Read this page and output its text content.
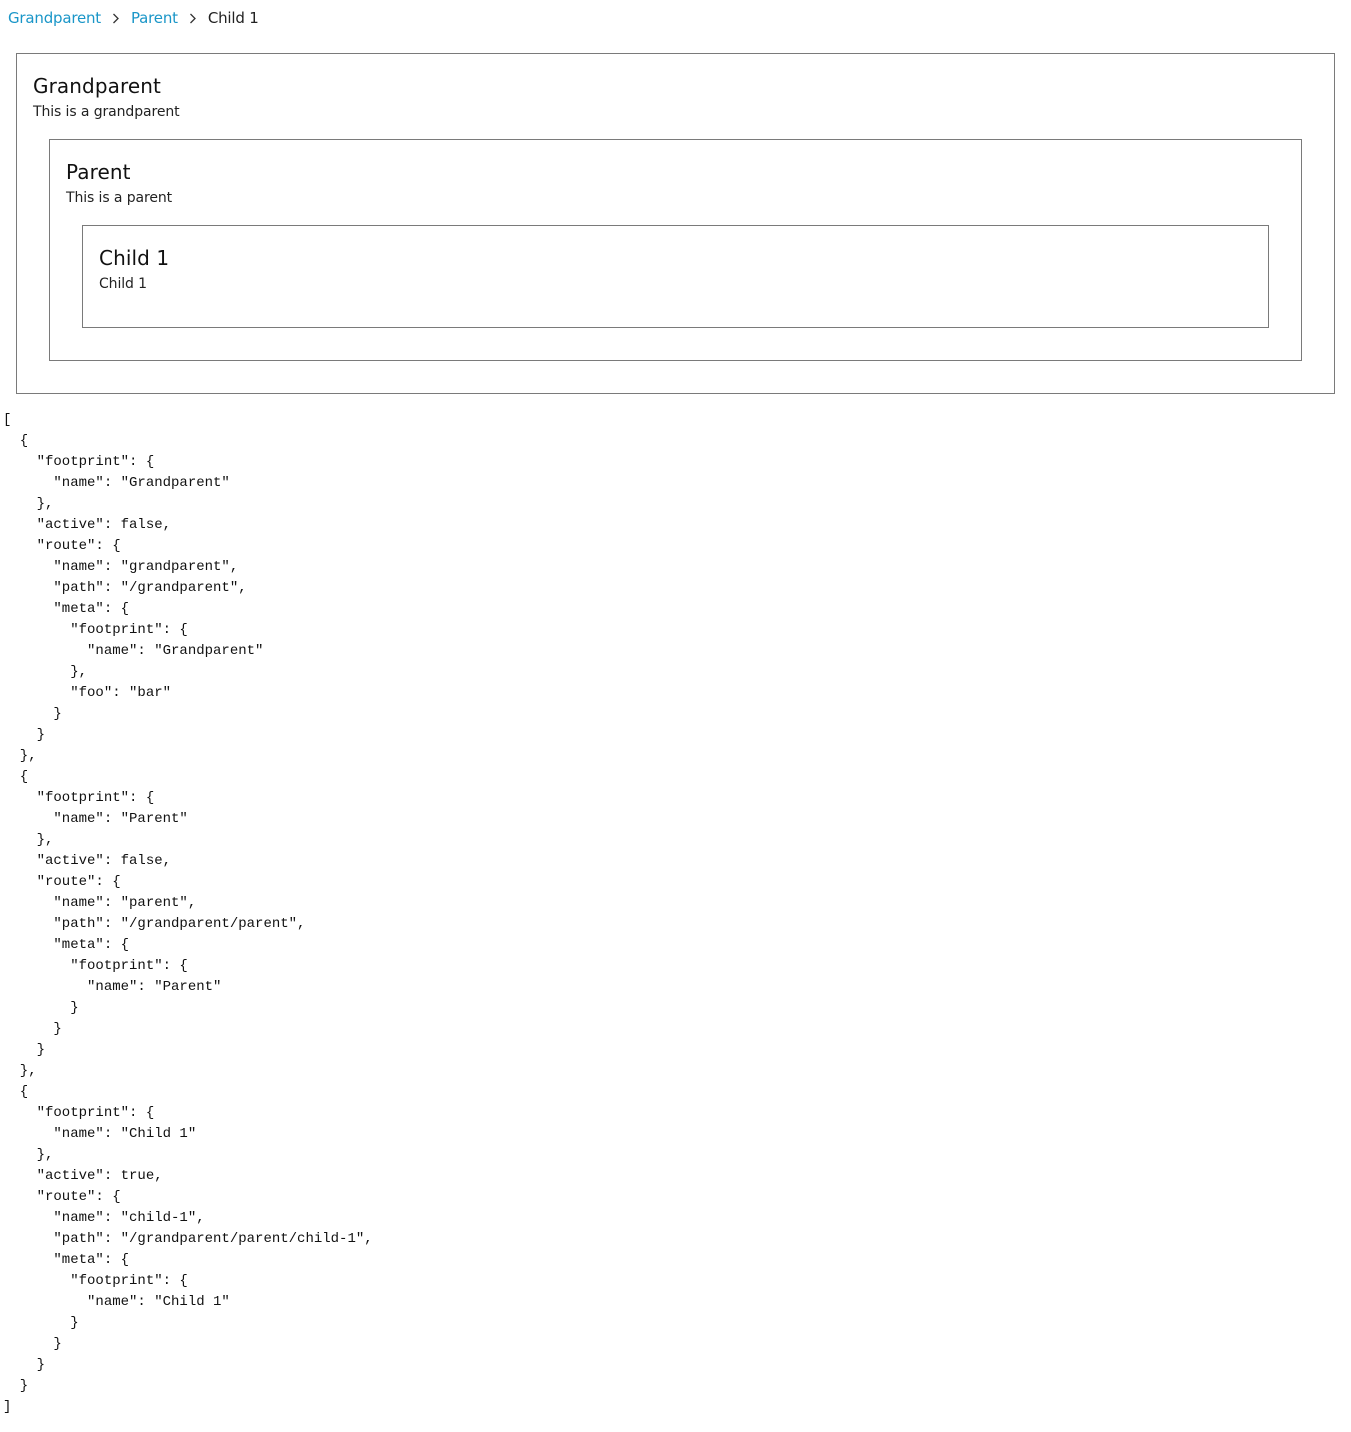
Grandparent Parent Child 1
Grandparent
This is a grandparent
Parent
This is a parent
Child 1
Child 1
[
{
"footprint": {
"name": "Grandparent"
},
"active": false,
"route": {
"name": "grandparent",
"path": "/grandparent",
"meta": {
"footprint": {
"name": "Grandparent"
},
"foo": "bar"
}
}
},
{
"footprint": {
"name": "Parent"
},
"active": false,
"route": {
"name": "parent",
"path": "/grandparent/parent",
"meta": {
"footprint": {
"name": "Parent"
}
}
}
},
{
"footprint": {
"name": "Child 1"
},
"active": true,
"route": {
"name": "child-1",
"path": "/grandparent/parent/child-1",
"meta": {
"footprint": {
"name": "Child 1"
}
}
}
}
]
